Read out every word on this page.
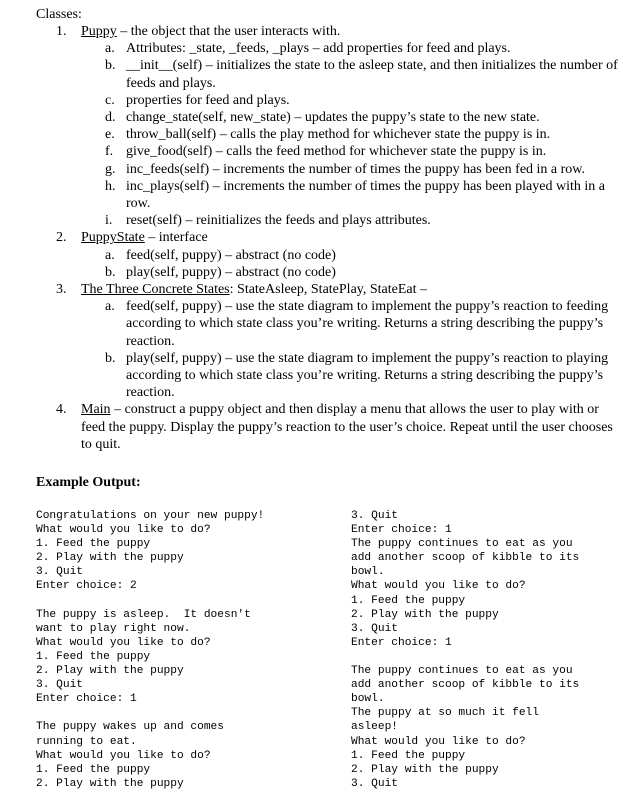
Classes:
1. Puppy – the object that the user interacts with.
a. Attributes: _state, _feeds, _plays – add properties for feed and plays.
b. __init__(self) – initializes the state to the asleep state, and then initializes the number of feeds and plays.
c. properties for feed and plays.
d. change_state(self, new_state) – updates the puppy’s state to the new state.
e. throw_ball(self) – calls the play method for whichever state the puppy is in.
f. give_food(self) – calls the feed method for whichever state the puppy is in.
g. inc_feeds(self) – increments the number of times the puppy has been fed in a row.
h. inc_plays(self) – increments the number of times the puppy has been played with in a row.
i. reset(self) – reinitializes the feeds and plays attributes.
2. PuppyState – interface
a. feed(self, puppy) – abstract (no code)
b. play(self, puppy) – abstract (no code)
3. The Three Concrete States: StateAsleep, StatePlay, StateEat –
a. feed(self, puppy) – use the state diagram to implement the puppy’s reaction to feeding according to which state class you’re writing. Returns a string describing the puppy’s reaction.
b. play(self, puppy) – use the state diagram to implement the puppy’s reaction to playing according to which state class you’re writing. Returns a string describing the puppy’s reaction.
4. Main – construct a puppy object and then display a menu that allows the user to play with or feed the puppy. Display the puppy’s reaction to the user’s choice. Repeat until the user chooses to quit.
Example Output:
Congratulations on your new puppy!
What would you like to do?
1. Feed the puppy
2. Play with the puppy
3. Quit
Enter choice: 2

The puppy is asleep.  It doesn't
want to play right now.
What would you like to do?
1. Feed the puppy
2. Play with the puppy
3. Quit
Enter choice: 1

The puppy wakes up and comes
running to eat.
What would you like to do?
1. Feed the puppy
2. Play with the puppy
3. Quit
Enter choice: 1
The puppy continues to eat as you
add another scoop of kibble to its
bowl.
What would you like to do?
1. Feed the puppy
2. Play with the puppy
3. Quit
Enter choice: 1

The puppy continues to eat as you
add another scoop of kibble to its
bowl.
The puppy at so much it fell
asleep!
What would you like to do?
1. Feed the puppy
2. Play with the puppy
3. Quit
